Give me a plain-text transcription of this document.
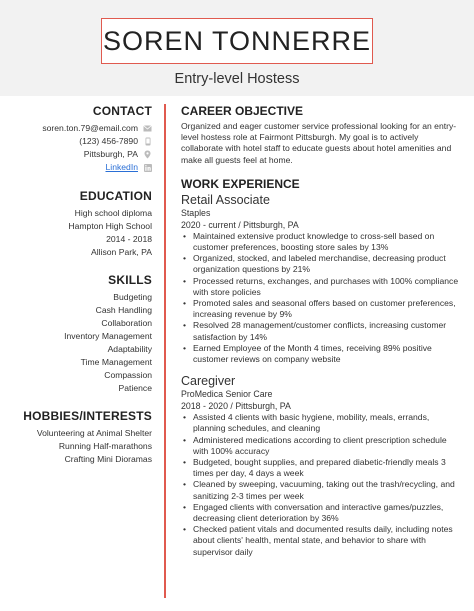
SOREN TONNERRE
Entry-level Hostess
CONTACT
soren.ton.79@email.com
(123) 456-7890
Pittsburgh, PA
LinkedIn
EDUCATION
High school diploma
Hampton High School
2014 - 2018
Allison Park, PA
SKILLS
Budgeting
Cash Handling
Collaboration
Inventory Management
Adaptability
Time Management
Compassion
Patience
HOBBIES/INTERESTS
Volunteering at Animal Shelter
Running Half-marathons
Crafting Mini Dioramas
CAREER OBJECTIVE
Organized and eager customer service professional looking for an entry-level hostess role at Fairmont Pittsburgh. My goal is to actively collaborate with hotel staff to educate guests about hotel amenities and make all guests feel at home.
WORK EXPERIENCE
Retail Associate
Staples
2020 - current / Pittsburgh, PA
• Maintained extensive product knowledge to cross-sell based on customer preferences, boosting store sales by 13%
• Organized, stocked, and labeled merchandise, decreasing product organization questions by 21%
• Processed returns, exchanges, and purchases with 100% compliance with store policies
• Promoted sales and seasonal offers based on customer preferences, increasing revenue by 9%
• Resolved 28 management/customer conflicts, increasing customer satisfaction by 14%
• Earned Employee of the Month 4 times, receiving 89% positive customer reviews on company website
Caregiver
ProMedica Senior Care
2018 - 2020 / Pittsburgh, PA
• Assisted 4 clients with basic hygiene, mobility, meals, errands, planning schedules, and cleaning
• Administered medications according to client prescription schedule with 100% accuracy
• Budgeted, bought supplies, and prepared diabetic-friendly meals 3 times per day, 4 days a week
• Cleaned by sweeping, vacuuming, taking out the trash/recycling, and sanitizing 2-3 times per week
• Engaged clients with conversation and interactive games/puzzles, decreasing client deterioration by 36%
• Checked patient vitals and documented results daily, including notes about clients' health, mental state, and behavior to share with supervisor daily
